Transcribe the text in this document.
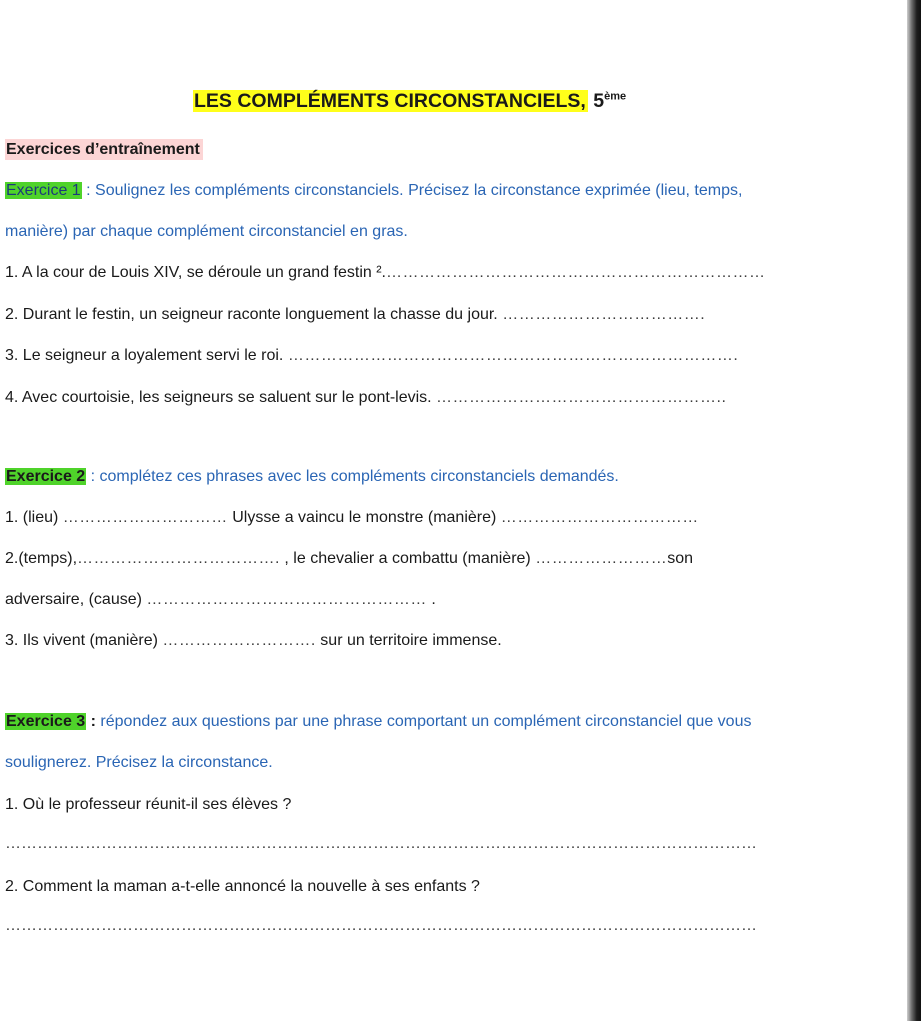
LES COMPLÉMENTS CIRCONSTANCIELS, 5ème
Exercices d’entraînement
Exercice 1 : Soulignez les compléments circonstanciels. Précisez la circonstance exprimée (lieu, temps,
manière) par chaque complément circonstanciel en gras.
1. A la cour de Louis XIV, se déroule un grand festin ².……………………………………………………………
2. Durant le festin, un seigneur raconte longuement la chasse du jour. ……………………………….
3. Le seigneur a loyalement servi le roi. ……………………………………………………………………….
4. Avec courtoisie, les seigneurs se saluent sur le pont-levis. ……………………………………………..
Exercice 2 : complétez ces phrases avec les compléments circonstanciels demandés.
1. (lieu) ………………………… Ulysse a vaincu le monstre (manière) ………………………………
2.(temps),………………………………. , le chevalier a combattu (manière) ……………………son
adversaire, (cause) …………………………………………… .
3. Ils vivent (manière) ………………………. sur un territoire immense.
Exercice 3 : répondez aux questions par une phrase comportant un complément circonstanciel que vous
soulignerez. Précisez la circonstance.
1. Où le professeur réunit-il ses élèves ?
……………………………………………………………………………………………………………………………
2. Comment la maman a-t-elle annoncé la nouvelle à ses enfants ?
……………………………………………………………………………………………………………………………
